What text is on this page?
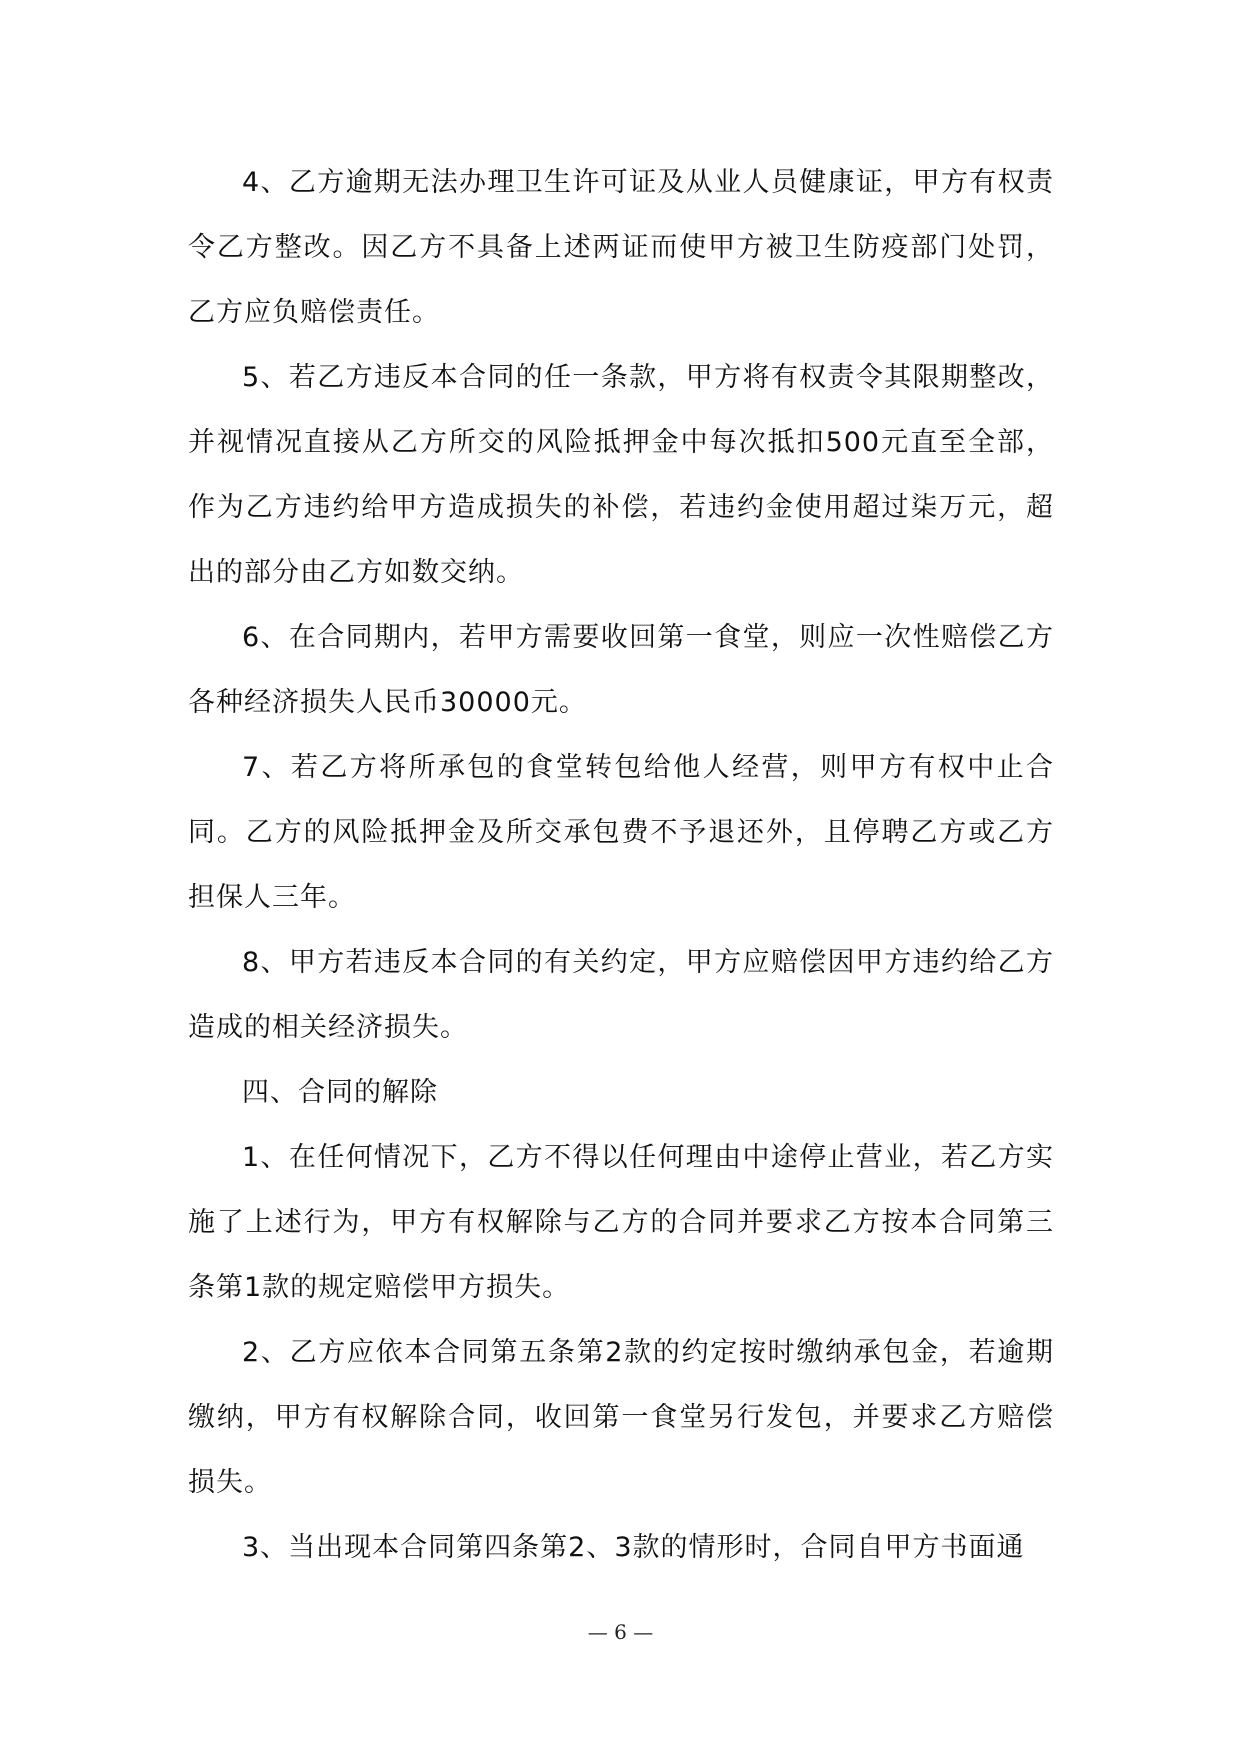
4、乙方逾期无法办理卫生许可证及从业人员健康证，甲方有权责令乙方整改。因乙方不具备上述两证而使甲方被卫生防疫部门处罚，乙方应负赔偿责任。

5、若乙方违反本合同的任一条款，甲方将有权责令其限期整改，并视情况直接从乙方所交的风险抵押金中每次抵扣500元直至全部，作为乙方违约给甲方造成损失的补偿，若违约金使用超过柒万元，超出的部分由乙方如数交纳。

6、在合同期内，若甲方需要收回第一食堂，则应一次性赔偿乙方各种经济损失人民币30000元。

7、若乙方将所承包的食堂转包给他人经营，则甲方有权中止合同。乙方的风险抵押金及所交承包费不予退还外，且停聘乙方或乙方担保人三年。

8、甲方若违反本合同的有关约定，甲方应赔偿因甲方违约给乙方造成的相关经济损失。

四、合同的解除

1、在任何情况下，乙方不得以任何理由中途停止营业，若乙方实施了上述行为，甲方有权解除与乙方的合同并要求乙方按本合同第三条第1款的规定赔偿甲方损失。

2、乙方应依本合同第五条第2款的约定按时缴纳承包金，若逾期缴纳，甲方有权解除合同，收回第一食堂另行发包，并要求乙方赔偿损失。

3、当出现本合同第四条第2、3款的情形时，合同自甲方书面通

— 6 —
